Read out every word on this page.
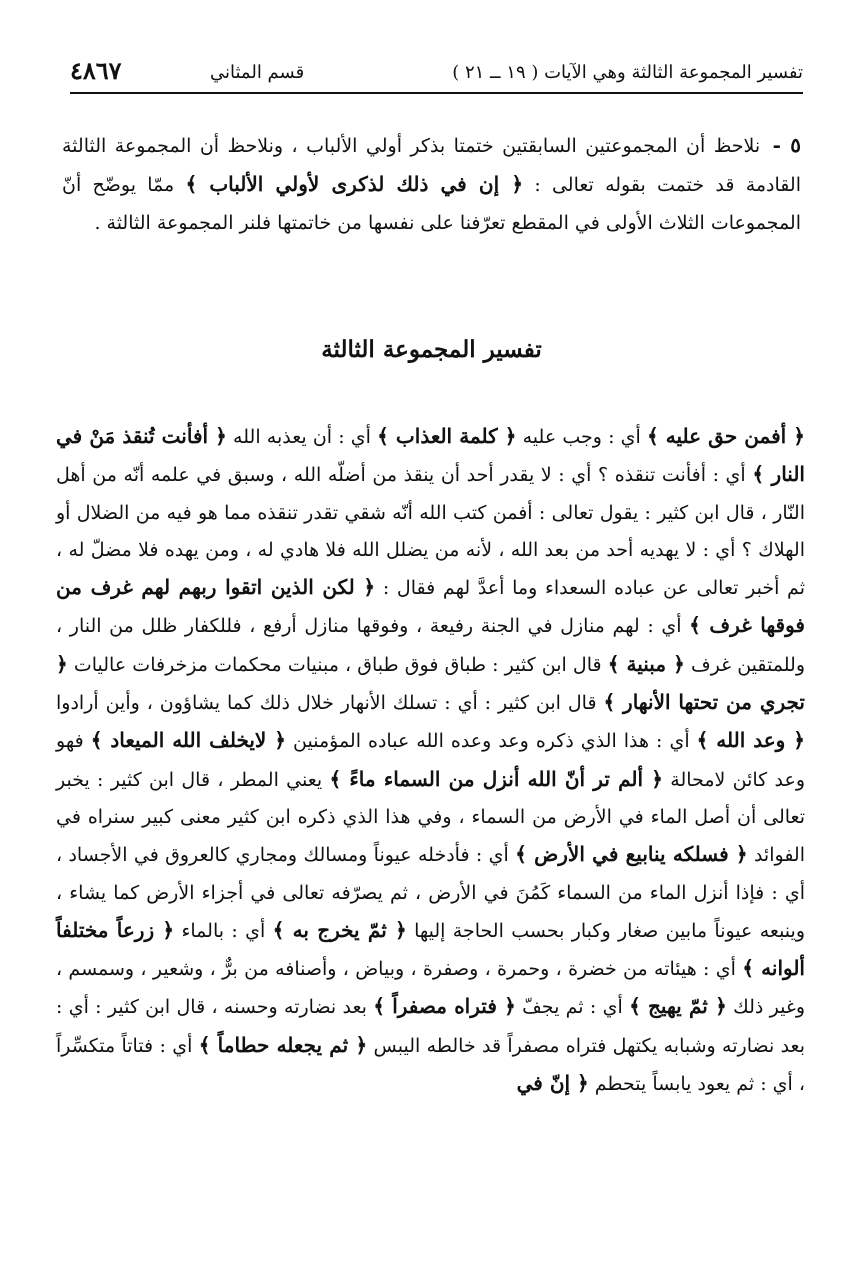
تفسير المجموعة الثالثة وهي الآيات ( ١٩ ــ ٢١ )
قسم المثاني
٤٨٦٧
٥ - نلاحظ أن المجموعتين السابقتين ختمتا بذكر أولي الألباب ، ونلاحظ أن المجموعة الثالثة القادمة قد ختمت بقوله تعالى : ﴿ إن في ذلك لذكرى لأولي الألباب ﴾ ممّا يوضّح أنّ المجموعات الثلاث الأولى في المقطع تعرّفنا على نفسها من خاتمتها فلنر المجموعة الثالثة .
تفسير المجموعة الثالثة
﴿ أفمن حق عليه ﴾ أي : وجب عليه ﴿ كلمة العذاب ﴾ أي : أن يعذبه الله ﴿ أفأنت تُنقذ مَنْ في النار ﴾ أي : أفأنت تنقذه ؟ أي : لا يقدر أحد أن ينقذ من أضلّه الله ، وسبق في علمه أنّه من أهل النّار ، قال ابن كثير : يقول تعالى : أفمن كتب الله أنّه شقي تقدر تنقذه مما هو فيه من الضلال أو الهلاك ؟ أي : لا يهديه أحد من بعد الله ، لأنه من يضلل الله فلا هادي له ، ومن يهده فلا مضلّ له ، ثم أخبر تعالى عن عباده السعداء وما أعدَّ لهم فقال : ﴿ لكن الذين اتقوا ربهم لهم غرف من فوقها غرف ﴾ أي : لهم منازل في الجنة رفيعة ، وفوقها منازل أرفع ، فللكفار ظلل من النار ، وللمتقين غرف ﴿ مبنية ﴾ قال ابن كثير : طباق فوق طباق ، مبنيات محكمات مزخرفات عاليات ﴿ تجري من تحتها الأنهار ﴾ قال ابن كثير : أي : تسلك الأنهار خلال ذلك كما يشاؤون ، وأين أرادوا ﴿ وعد الله ﴾ أي : هذا الذي ذكره وعد وعده الله عباده المؤمنين ﴿ لايخلف الله الميعاد ﴾ فهو وعد كائن لامحالة ﴿ ألم تر أنّ الله أنزل من السماء ماءً ﴾ يعني المطر ، قال ابن كثير : يخبر تعالى أن أصل الماء في الأرض من السماء ، وفي هذا الذي ذكره ابن كثير معنى كبير سنراه في الفوائد ﴿ فسلكه ينابيع في الأرض ﴾ أي : فأدخله عيوناً ومسالك ومجاري كالعروق في الأجساد ، أي : فإذا أنزل الماء من السماء كَمُنَ في الأرض ، ثم يصرّفه تعالى في أجزاء الأرض كما يشاء ، وينبعه عيوناً مابين صغار وكبار بحسب الحاجة إليها ﴿ ثمّ يخرج به ﴾ أي : بالماء ﴿ زرعاً مختلفاً ألوانه ﴾ أي : هيئاته من خضرة ، وحمرة ، وصفرة ، وبياض ، وأصنافه من برٌّ ، وشعير ، وسمسم ، وغير ذلك ﴿ ثمّ يهيج ﴾ أي : ثم يجفّ ﴿ فتراه مصفراً ﴾ بعد نضارته وحسنه ، قال ابن كثير : أي : بعد نضارته وشبابه يكتهل فتراه مصفراً قد خالطه اليبس ﴿ ثم يجعله حطاماً ﴾ أي : فتاتاً متكسِّراً ، أي : ثم يعود يابساً يتحطم ﴿ إنّ في
